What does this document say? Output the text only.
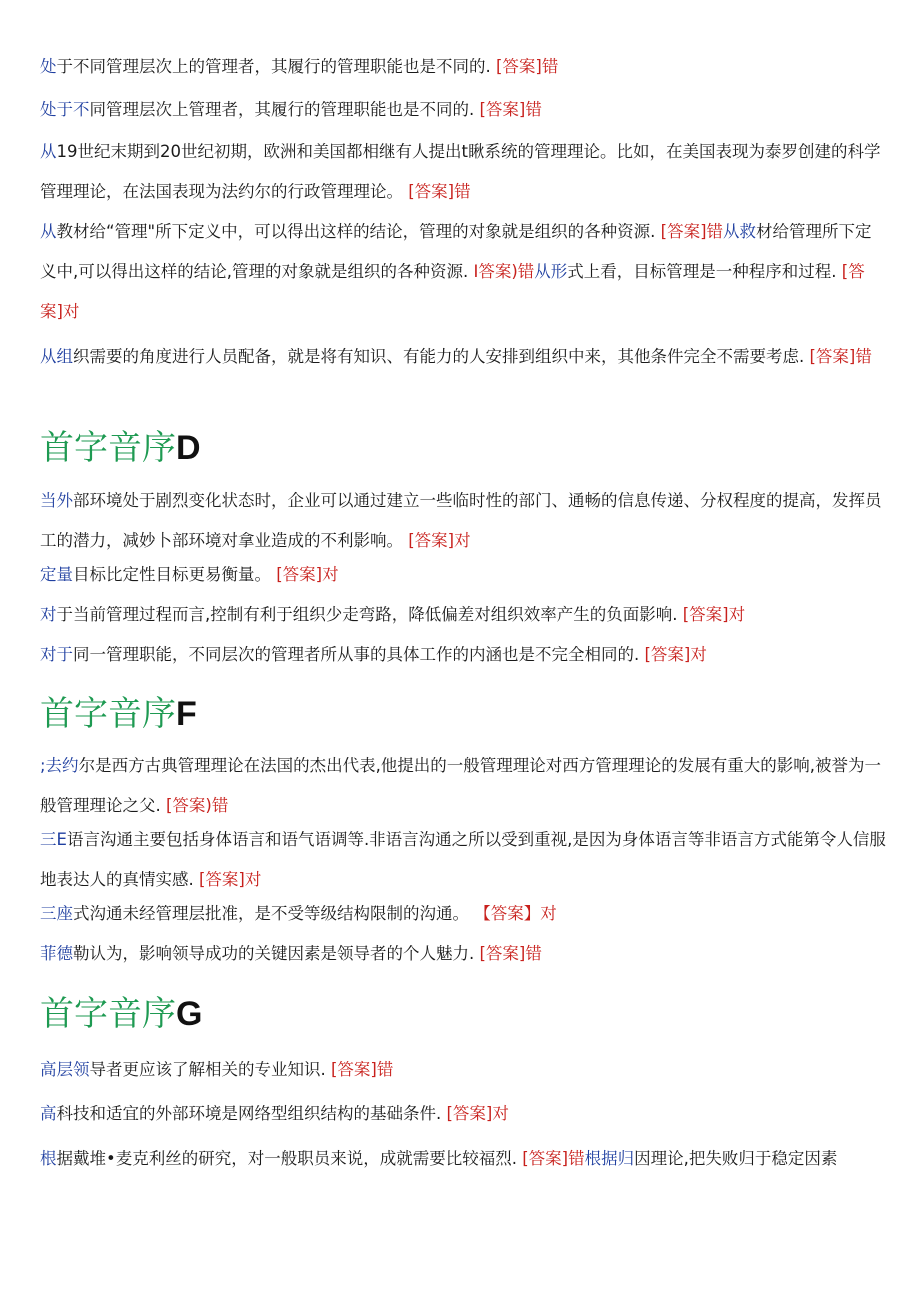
处于不同管理层次上的管理者，其履行的管理职能也是不同的. [答案]错

处于不同管理层次上管理者，其履行的管理职能也是不同的. [答案]错

从19世纪末期到20世纪初期，欧洲和美国都相继有人提出t瞅系统的管理理论。比如，在美国表现为泰罗创建的科学管理理论，在法国表现为法约尔的行政管理理论。 [答案]错

从教材给“管理"所下定义中，可以得出这样的结论，管理的对象就是组织的各种资源. [答案]错从救材给管理所下定义中,可以得出这样的结论,管理的对象就是组织的各种资源. I答案)错从形式上看，目标管理是一种程序和过程. [答案]对

从组织需要的角度进行人员配备，就是将有知识、有能力的人安排到组织中来，其他条件完全不需要考虑. [答案]错

首字音序D

当外部环境处于剧烈变化状态时，企业可以通过建立一些临时性的部门、通畅的信息传递、分权程度的提高，发挥员工的潜力，减妙卜部环境对拿业造成的不利影响。 [答案]对

定量目标比定性目标更易衡量。 [答案]对

对于当前管理过程而言,控制有利于组织少走弯路，降低偏差对组织效率产生的负面影响. [答案]对

对于同一管理职能，不同层次的管理者所从事的具体工作的内涵也是不完全相同的. [答案]对

首字音序F

;去约尔是西方古典管理理论在法国的杰出代表,他提出的一般管理理论对西方管理理论的发展有重大的影响,被誉为一般管理理论之父. [答案)错

三E语言沟通主要包括身体语言和语气语调等.非语言沟通之所以受到重视,是因为身体语言等非语言方式能第令人信服地表达人的真情实感. [答案]对

三座式沟通未经管理层批准，是不受等级结构限制的沟通。 【答案】对

菲德勒认为，影响领导成功的关键因素是领导者的个人魅力. [答案]错

首字音序G

高层领导者更应该了解相关的专业知识. [答案]错

高科技和适宜的外部环境是网络型组织结构的基础条件. [答案]对

根据戴堆•麦克利丝的研究，对一般职员来说，成就需要比较福烈. [答案]错根据归因理论,把失败归于稳定因素
